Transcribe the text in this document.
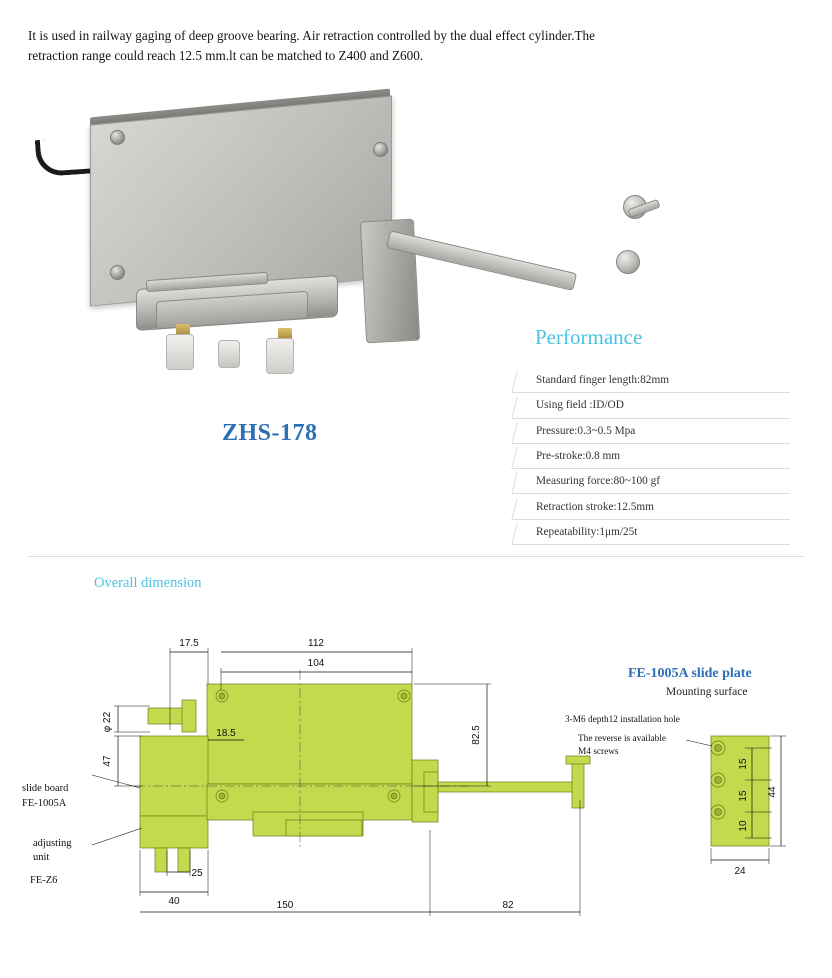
It is used in railway gaging of deep groove bearing. Air retraction controlled by the dual effect cylinder.The retraction range could reach 12.5 mm.lt can be matched to Z400 and Z600.
ZHS-178
Performance
Standard finger length:82mm
Using field :ID/OD
Pressure:0.3~0.5 Mpa
Pre-stroke:0.8 mm
Measuring force:80~100 gf
Retraction stroke:12.5mm
Repeatability:1μm/25t
Overall dimension
17.5	112
104
φ 22
18.5
47
82.5
25
40	150	82
15
15
10
44
24
slide board
FE-1005A
adjusting
unit
FE-Z6
FE-1005A slide plate
Mounting surface
3-M6 depth12 installation hole
The reverse is available
M4 screws
